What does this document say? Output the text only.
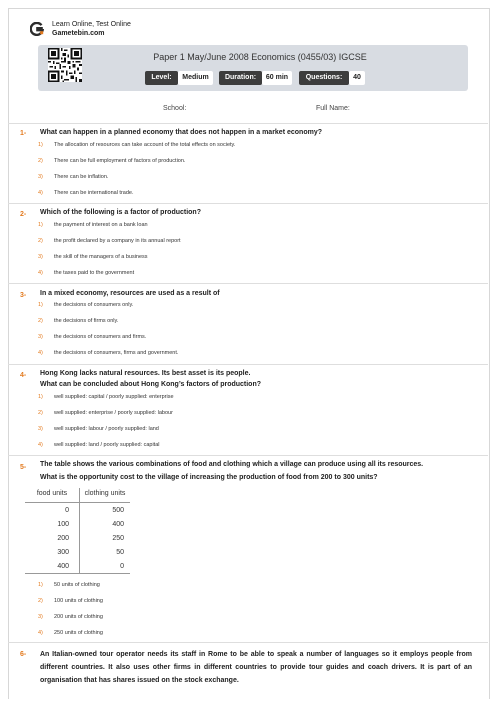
Learn Online, Test Online
Gametebin.com
Paper 1 May/June 2008 Economics (0455/03) IGCSE
Level:	Medium	Duration:	60 min	Questions:	40
School:	Full Name:
1- What can happen in a planned economy that does not happen in a market economy?
1) The allocation of resources can take account of the total effects on society.
2) There can be full employment of factors of production.
3) There can be inflation.
4) There can be international trade.
2- Which of the following is a factor of production?
1) the payment of interest on a bank loan
2) the profit declared by a company in its annual report
3) the skill of the managers of a business
4) the taxes paid to the government
3- In a mixed economy, resources are used as a result of
1) the decisions of consumers only.
2) the decisions of firms only.
3) the decisions of consumers and firms.
4) the decisions of consumers, firms and government.
4- Hong Kong lacks natural resources. Its best asset is its people.
What can be concluded about Hong Kong’s factors of production?
1) well supplied: capital / poorly supplied: enterprise
2) well supplied: enterprise / poorly supplied: labour
3) well supplied: labour / poorly supplied: land
4) well supplied: land / poorly supplied: capital
5- The table shows the various combinations of food and clothing which a village can produce using all its resources.
What is the opportunity cost to the village of increasing the production of food from 200 to 300 units?
food units	clothing units
0	500
100	400
200	250
300	50
400	0
1) 50 units of clothing
2) 100 units of clothing
3) 200 units of clothing
4) 250 units of clothing
6- An Italian-owned tour operator needs its staff in Rome to be able to speak a number of languages so it employs people from different countries. It also uses other firms in different countries to provide tour guides and coach drivers. It is part of an organisation that has shares issued on the stock exchange.
